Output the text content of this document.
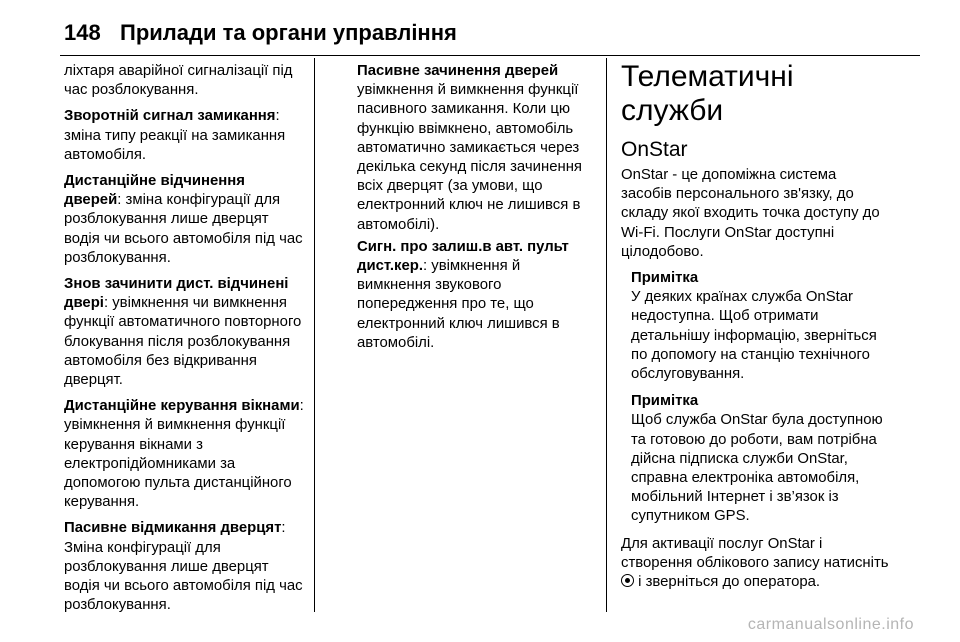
148 Прилади та органи управління

ліхтаря аварійної сигналізації під час розблокування.

Зворотній сигнал замикання: зміна типу реакції на замикання автомобіля.

Дистанційне відчинення дверей: зміна конфігурації для розблокування лише дверцят водія чи всього автомобіля під час розблокування.

Знов зачинити дист. відчинені двері: увімкнення чи вимкнення функції автоматичного повторного блокування після розблокування автомобіля без відкривання дверцят.

Дистанційне керування вікнами: увімкнення й вимкнення функції керування вікнами з електропідйомниками за допомогою пульта дистанційного керування.

Пасивне відмикання дверцят: Зміна конфігурації для розблокування лише дверцят водія чи всього автомобіля під час розблокування.

Пасивне зачинення дверей
увімкнення й вимкнення функції пасивного замикання. Коли цю функцію ввімкнено, автомобіль автоматично замикається через декілька секунд після зачинення всіх дверцят (за умови, що електронний ключ не лишився в автомобілі).

Сигн. про залиш.в авт. пульт дист.кер.: увімкнення й вимкнення звукового попередження про те, що електронний ключ лишився в автомобілі.

Телематичні служби
OnStar

OnStar - це допоміжна система засобів персонального зв'язку, до складу якої входить точка доступу до Wi-Fi. Послуги OnStar доступні цілодобово.

Примітка
У деяких країнах служба OnStar недоступна. Щоб отримати детальнішу інформацію, зверніться по допомогу на станцію технічного обслуговування.
Примітка
Щоб служба OnStar була доступною та готовою до роботи, вам потрібна дійсна підписка служби OnStar, справна електроніка автомобіля, мобільний Інтернет і зв’язок із супутником GPS.

Для активації послуг OnStar і створення облікового запису натисніть  і зверніться до оператора.

carmanualsonline.info
